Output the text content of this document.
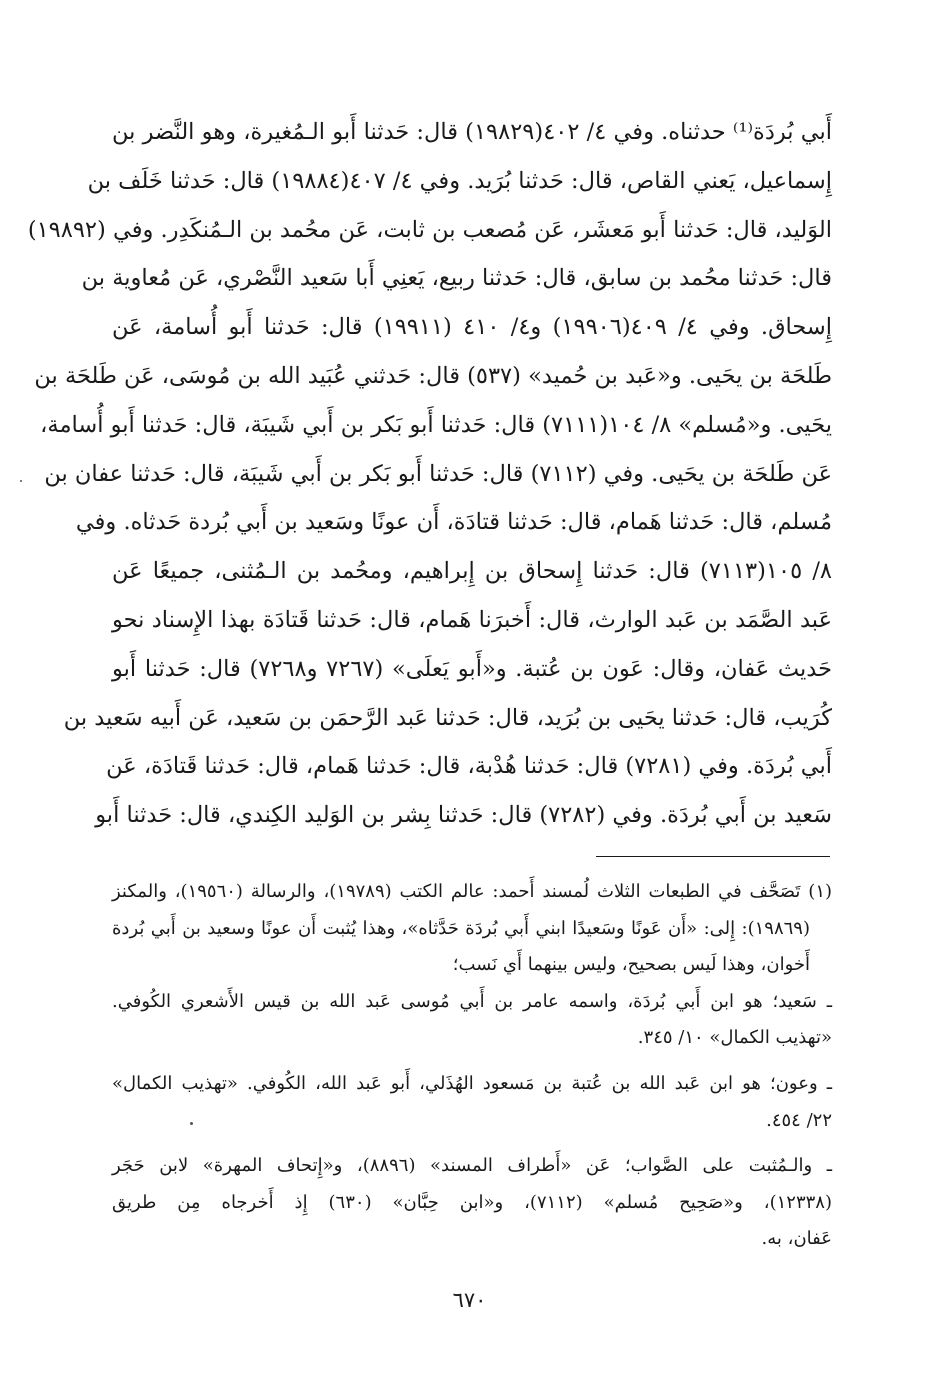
أَبي بُردَة⁽¹⁾ حدثناه. وفي ٤/ ٤٠٢(١٩٨٢٩) قال: حَدثنا أَبو الـمُغيرة، وهو النَّضر بن
إِسماعيل، يَعني القاص، قال: حَدثنا بُرَيد. وفي ٤/ ٤٠٧(١٩٨٨٤) قال: حَدثنا خَلَف بن
الوَليد، قال: حَدثنا أَبو مَعشَر، عَن مُصعب بن ثابت، عَن محُمد بن الـمُنكَدِر. وفي (١٩٨٩٢)
قال: حَدثنا محُمد بن سابق، قال: حَدثنا ربيع، يَعنِي أَبا سَعيد النَّصْري، عَن مُعاوية بن
إِسحاق. وفي ٤/ ٤٠٩(١٩٩٠٦) و٤/ ٤١٠ (١٩٩١١) قال: حَدثنا أَبو أُسامة، عَن
طَلحَة بن يحَيى. و«عَبد بن حُميد» (٥٣٧) قال: حَدثني عُبَيد الله بن مُوسَى، عَن طَلحَة بن
يحَيى. و«مُسلم» ٨/ ١٠٤(٧١١١) قال: حَدثنا أَبو بَكر بن أَبي شَيبَة، قال: حَدثنا أَبو أُسامة،
عَن طَلحَة بن يحَيى. وفي (٧١١٢) قال: حَدثنا أَبو بَكر بن أَبي شَيبَة، قال: حَدثنا عفان بن
مُسلم، قال: حَدثنا هَمام، قال: حَدثنا قتادَة، أَن عونًا وسَعيد بن أَبي بُردة حَدثاه. وفي
٨/ ١٠٥(٧١١٣) قال: حَدثنا إِسحاق بن إِبراهيم، ومحُمد بن الـمُثنى، جميعًا عَن
عَبد الصَّمَد بن عَبد الوارث، قال: أَخبرَنا هَمام، قال: حَدثنا قَتادَة بهذا الإِسناد نحو
حَديث عَفان، وقال: عَون بن عُتبة. و«أَبو يَعلَى» (٧٢٦٧ و٧٢٦٨) قال: حَدثنا أَبو
كُرَيب، قال: حَدثنا يحَيى بن بُرَيد، قال: حَدثنا عَبد الرَّحمَن بن سَعيد، عَن أَبيه سَعيد بن
أَبي بُردَة. وفي (٧٢٨١) قال: حَدثنا هُدْبة، قال: حَدثنا هَمام، قال: حَدثنا قَتادَة، عَن
سَعيد بن أَبي بُردَة. وفي (٧٢٨٢) قال: حَدثنا بِشر بن الوَليد الكِندي، قال: حَدثنا أَبو
(١) تَصَحَّف في الطبعات الثلاث لُمسند أَحمد: عالم الكتب (١٩٧٨٩)، والرسالة (١٩٥٦٠)، والمكنز
(١٩٨٦٩): إِلى: «أَن عَونًا وسَعيدًا ابني أَبي بُردَة حَدَّثاه»، وهذا يُثبت أَن عونًا وسعيد بن أَبي بُردة
أَخوان، وهذا لَيس بصحيح، وليس بينهما أَي نَسب؛
ـ سَعيد؛ هو ابن أَبي بُردَة، واسمه عامر بن أَبي مُوسى عَبد الله بن قيس الأَشعري الكُوفي.
«تهذيب الكمال» ١٠/ ٣٤٥.
ـ وعون؛ هو ابن عَبد الله بن عُتبة بن مَسعود الهُذَلي، أَبو عَبد الله، الكُوفي. «تهذيب الكمال»
٢٢/ ٤٥٤.
ـ والـمُثبت على الصَّواب؛ عَن «أَطراف المسند» (٨٨٩٦)، و«إِتحاف المهرة» لابن حَجَر
(١٢٣٣٨)، و«صَحِيح مُسلم» (٧١١٢)، و«ابن حِبَّان» (٦٣٠) إِذ أَخرجاه مِن طريق
عَفان، به.
٦٧٠
